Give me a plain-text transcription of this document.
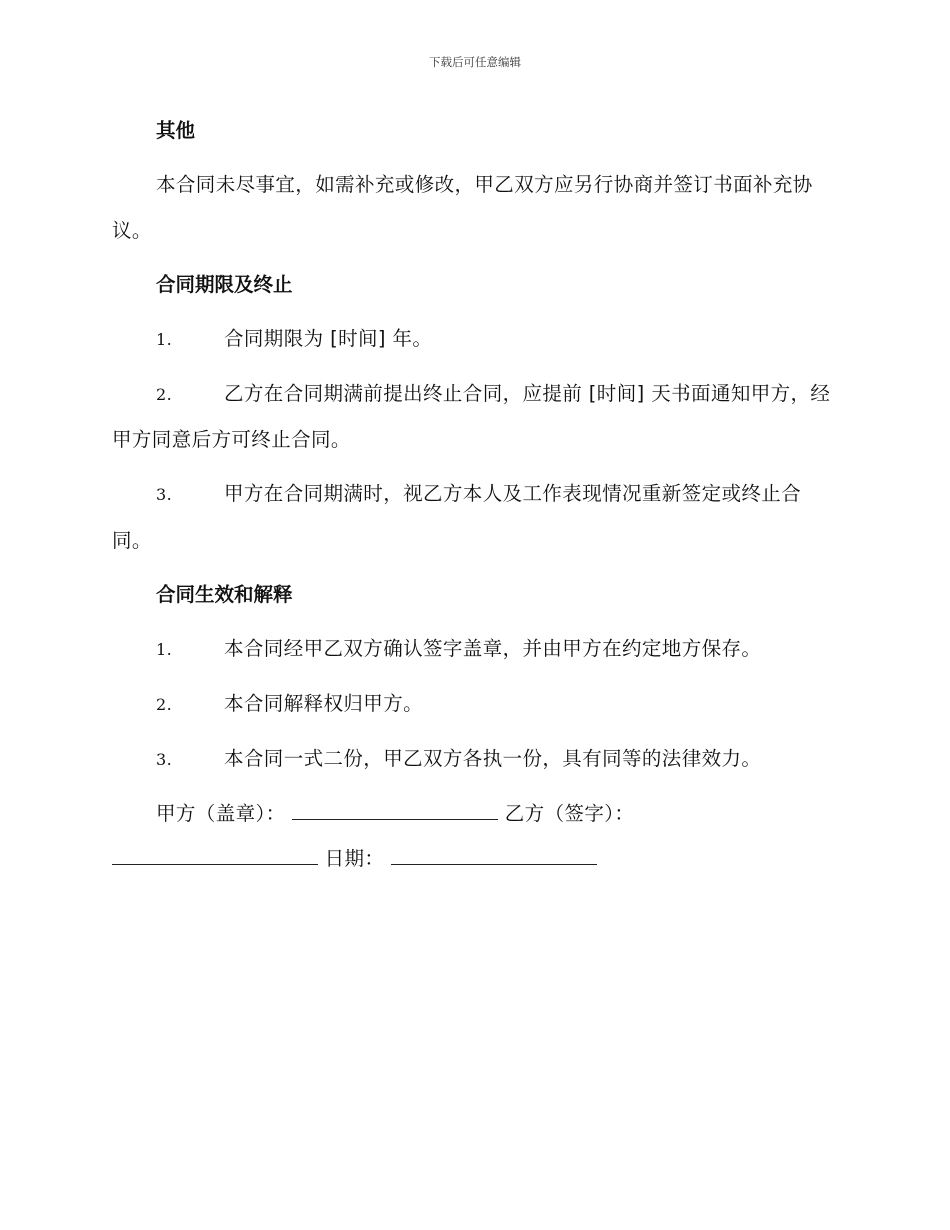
下载后可任意编辑
其他
本合同未尽事宜，如需补充或修改，甲乙双方应另行协商并签订书面补充协议。
合同期限及终止
1.	合同期限为 [时间] 年。
2.	乙方在合同期满前提出终止合同，应提前 [时间] 天书面通知甲方，经甲方同意后方可终止合同。
3.	甲方在合同期满时，视乙方本人及工作表现情况重新签定或终止合同。
合同生效和解释
1.	本合同经甲乙双方确认签字盖章，并由甲方在约定地方保存。
2.	本合同解释权归甲方。
3.	本合同一式二份，甲乙双方各执一份，具有同等的法律效力。
甲方（盖章）：	乙方（签字）：
日期：
